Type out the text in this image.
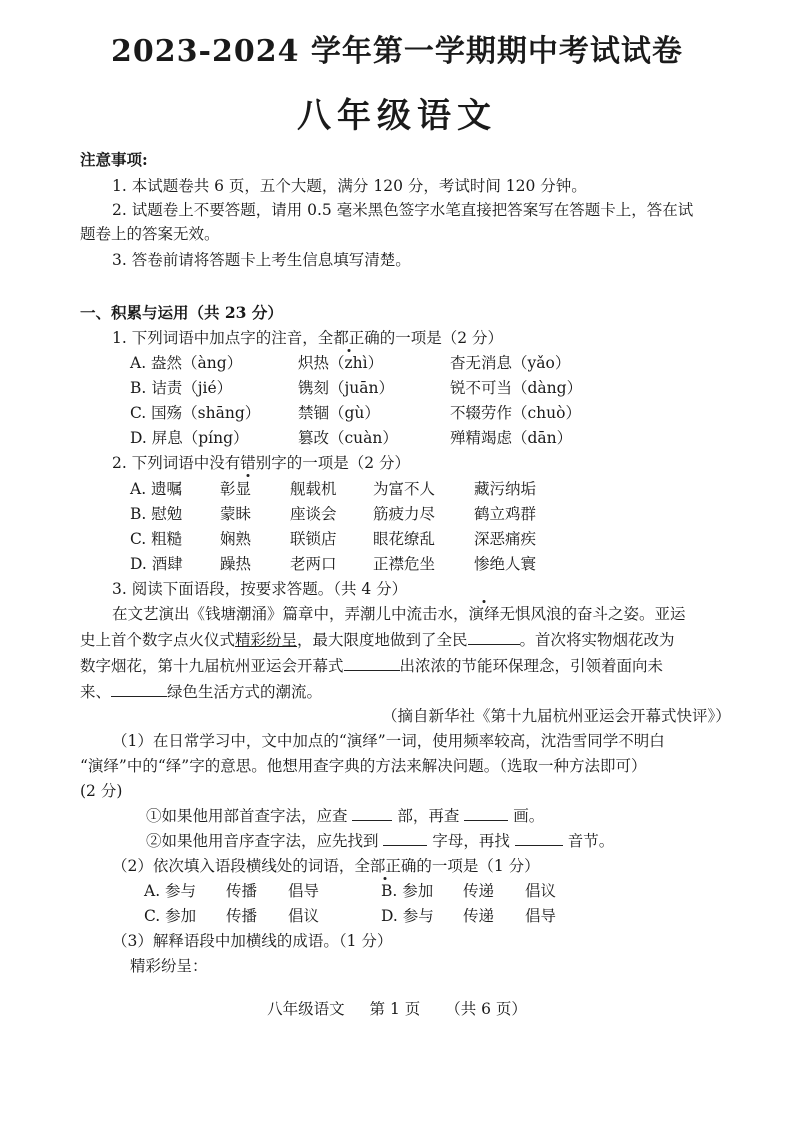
2023-2024 学年第一学期期中考试试卷
八年级语文
注意事项:
1. 本试题卷共 6 页，五个大题，满分 120 分，考试时间 120 分钟。
2. 试题卷上不要答题，请用 0.5 毫米黑色签字水笔直接把答案写在答题卡上，答在试
题卷上的答案无效。
3. 答卷前请将答题卡上考生信息填写清楚。
一、积累与运用（共 23 分）
1. 下列词语中加点字的注音，全都正确的一项是（2 分）
A. 盎然（àng）	炽热（zhì）	杳无消息（yǎo）
B. 诘责（jié）	镌刻（juān）	锐不可当（dàng）
C. 国殇（shāng） 禁锢（gù）	不辍劳作（chuò）
D. 屏息（píng）	篡改（cuàn）	殚精竭虑（dān）
2. 下列词语中没有错别字的一项是（2 分）
A. 遗嘱 彰显	舰载机 为富不人	藏污纳垢
B. 慰勉 蒙眛	座谈会 筋疲力尽	鹤立鸡群
C. 粗糙 娴熟	联锁店 眼花缭乱	深恶痛疾
D. 酒肆 躁热	老两口 正襟危坐	惨绝人寰
3. 阅读下面语段，按要求答题。（共 4 分）
在文艺演出《钱塘潮涌》篇章中，弄潮儿中流击水，演绎无惧风浪的奋斗之姿。亚运
史上首个数字点火仪式精彩纷呈，最大限度地做到了全民	。首次将实物烟花改为
数字烟花，第十九届杭州亚运会开幕式	出浓浓的节能环保理念，引领着面向未
来、	绿色生活方式的潮流。
（摘自新华社《第十九届杭州亚运会开幕式快评》）
（1）在日常学习中，文中加点的“演绎”一词，使用频率较高，沈浩雪同学不明白
“演绎”中的“绎”字的意思。他想用查字典的方法来解决问题。（选取一种方法即可）
(2 分)
①如果他用部首查字法，应查	部，再查	画。
②如果他用音序查字法，应先找到	字母，再找	音节。
（2）依次填入语段横线处的词语，全部正确的一项是（1 分）
A. 参与 传播 倡导	B. 参加 传递 倡议
C. 参加 传播 倡议	D. 参与 传递 倡导
（3）解释语段中加横线的成语。（1 分）
精彩纷呈：
八年级语文 第 1 页 （共 6 页）
